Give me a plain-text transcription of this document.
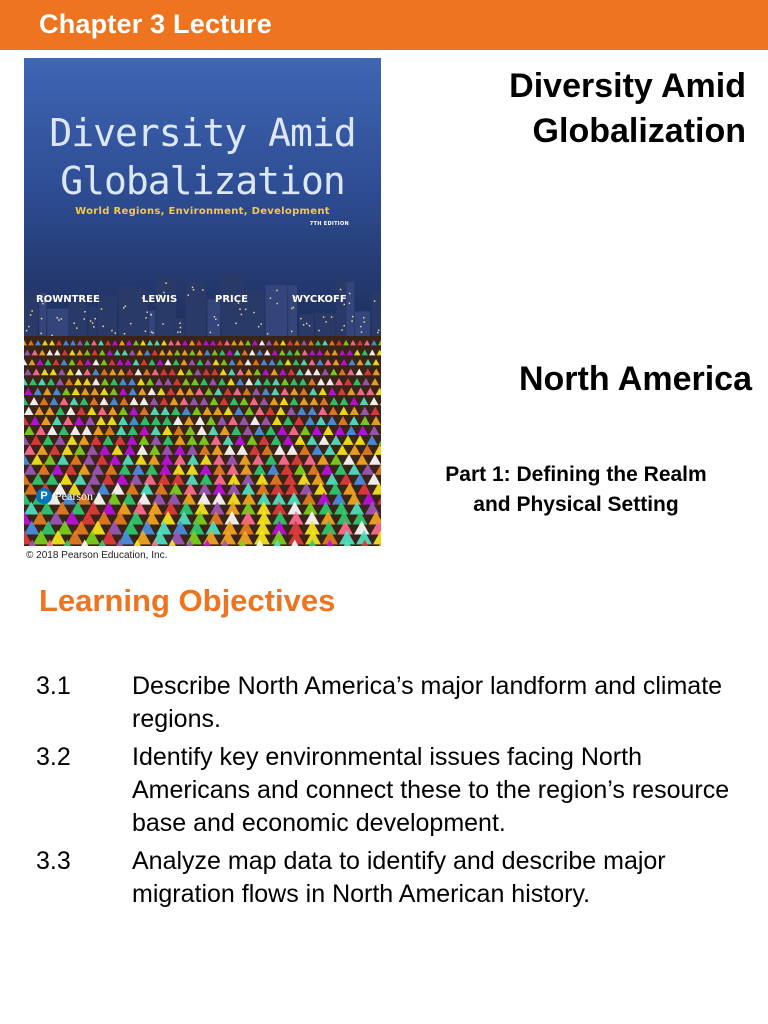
Chapter 3 Lecture
Diversity Amid
Globalization
World Regions, Environment, Development
7TH EDITION
ROWNTREE	LEWIS	PRICE	WYCKOFF
P Pearson
© 2018 Pearson Education, Inc.
Diversity Amid
Globalization
North America
Part 1: Defining the Realm
and Physical Setting
Learning Objectives
3.1	Describe North America’s major landform and climate regions.
3.2	Identify key environmental issues facing North Americans and connect these to the region’s resource base and economic development.
3.3	Analyze map data to identify and describe major migration flows in North American history.
